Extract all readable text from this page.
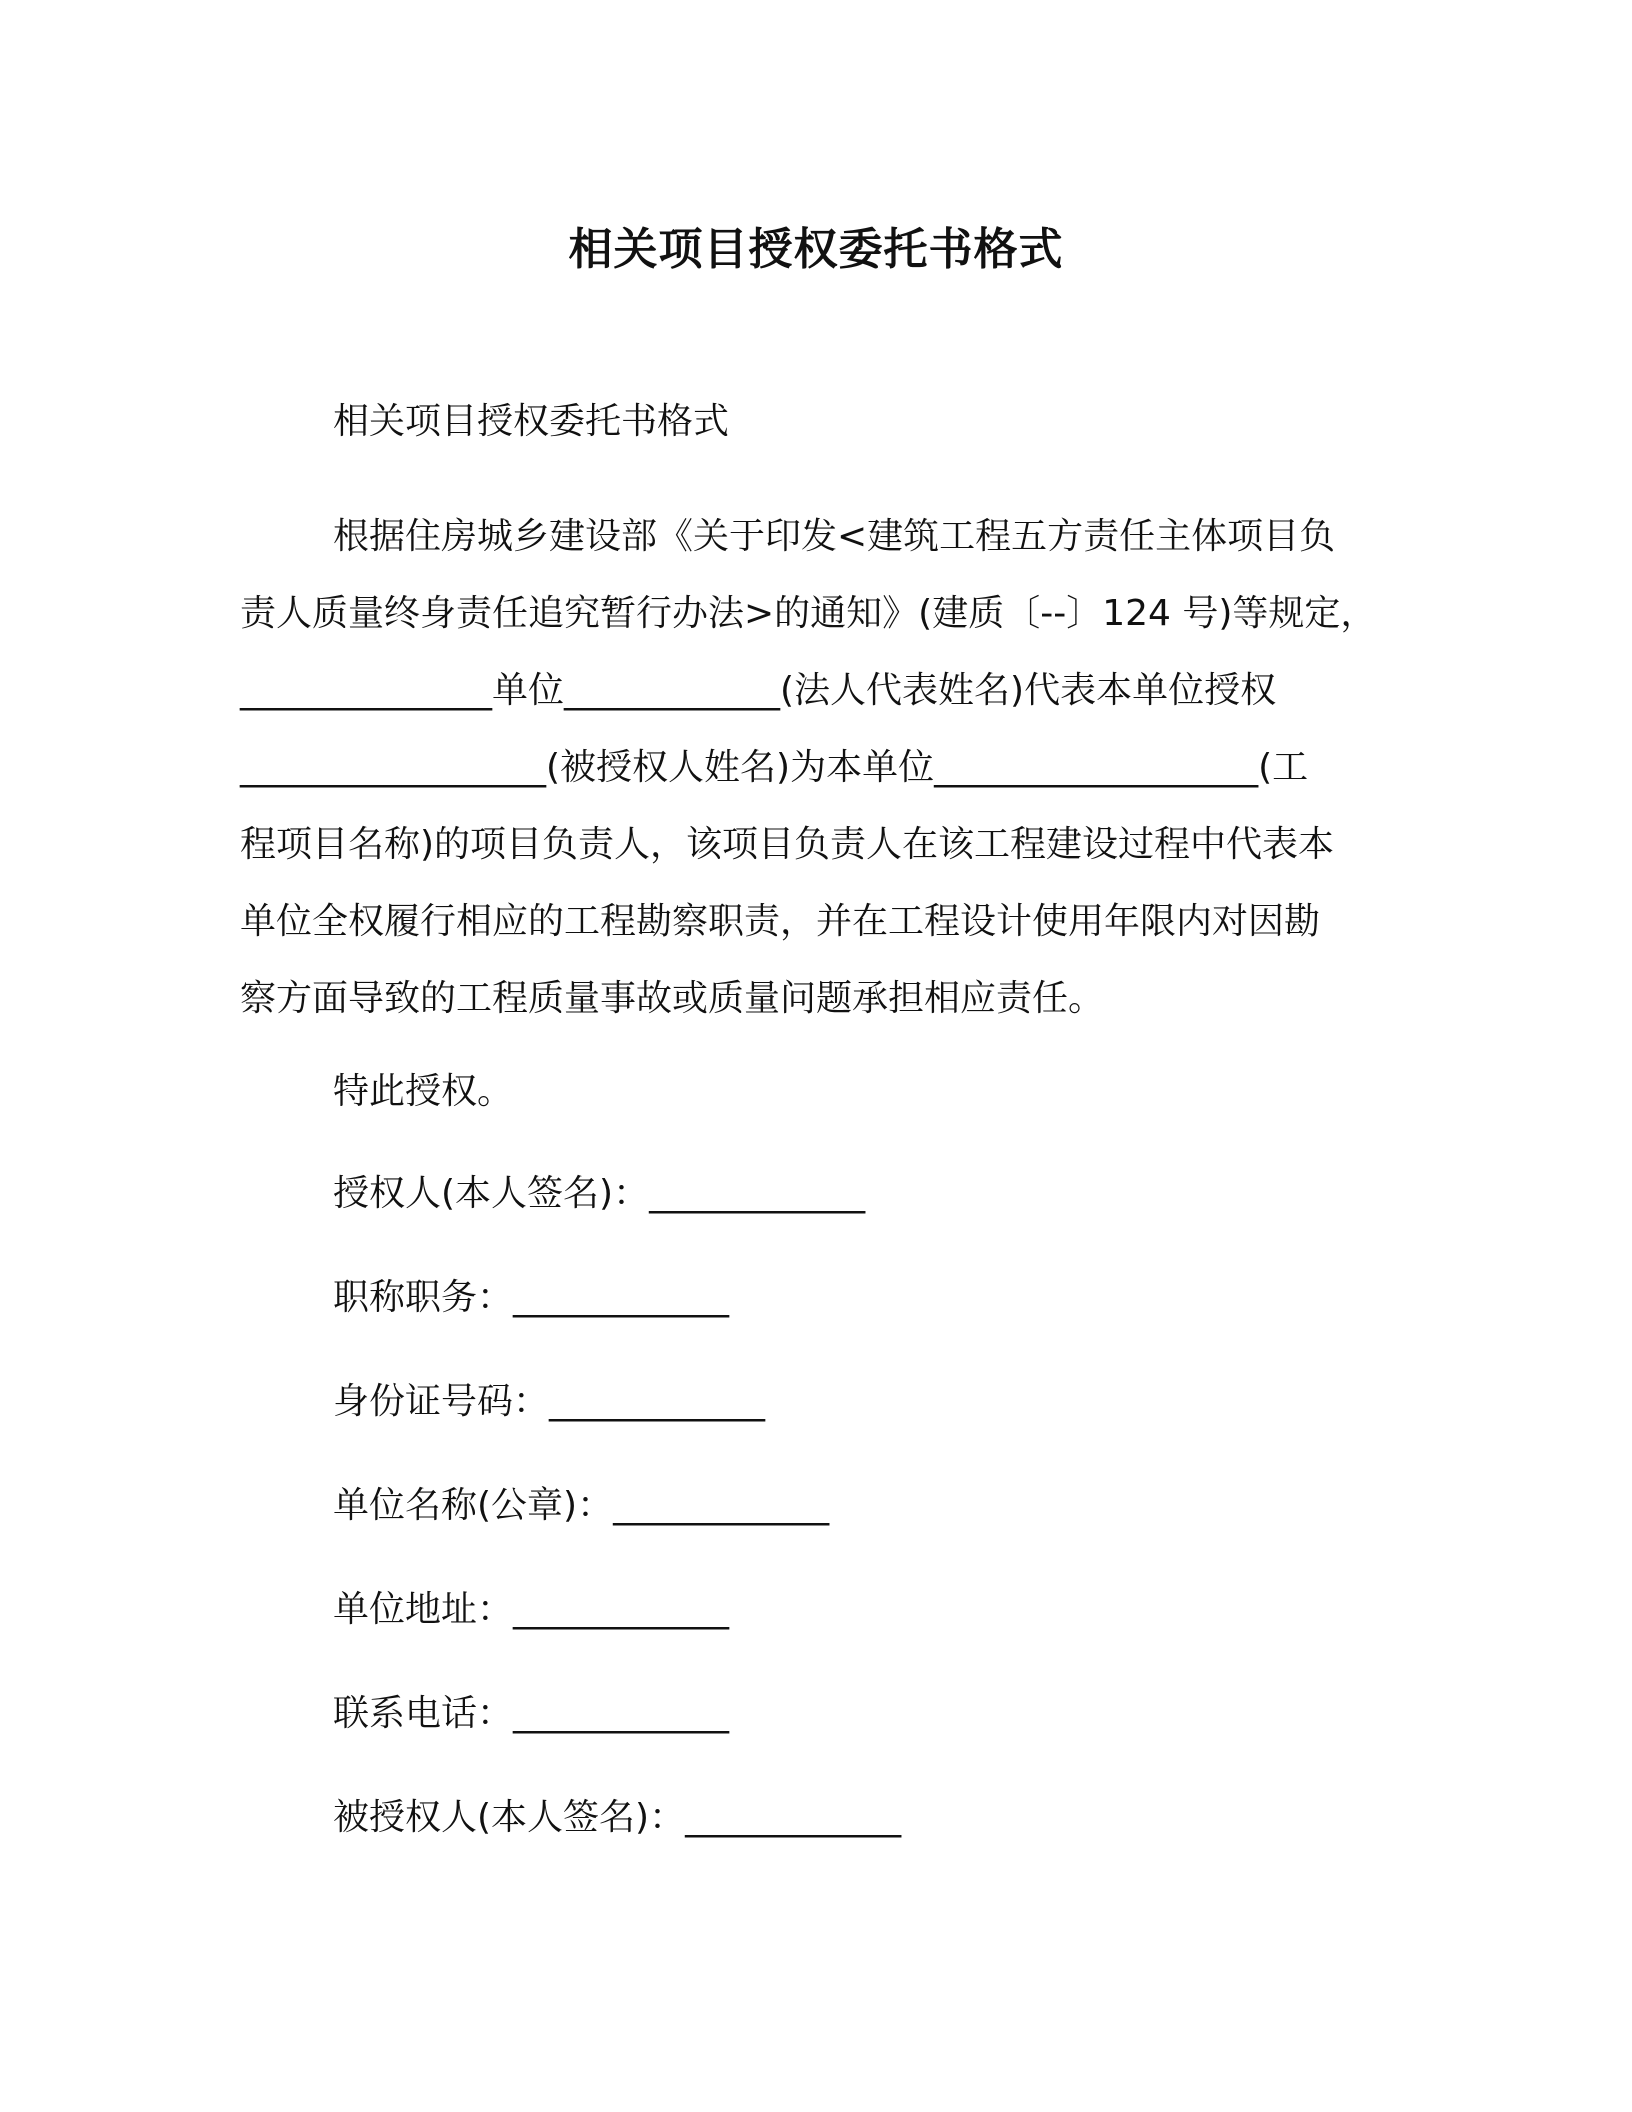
相关项目授权委托书格式

相关项目授权委托书格式

根据住房城乡建设部《关于印发<建筑工程五方责任主体项目负
责人质量终身责任追究暂行办法>的通知》(建质〔--〕124 号)等规定，
______________单位____________(法人代表姓名)代表本单位授权
_________________(被授权人姓名)为本单位__________________(工
程项目名称)的项目负责人，该项目负责人在该工程建设过程中代表本
单位全权履行相应的工程勘察职责，并在工程设计使用年限内对因勘
察方面导致的工程质量事故或质量问题承担相应责任。

特此授权。

授权人(本人签名)：____________

职称职务：____________

身份证号码：____________

单位名称(公章)：____________

单位地址：____________

联系电话：____________

被授权人(本人签名)：____________
